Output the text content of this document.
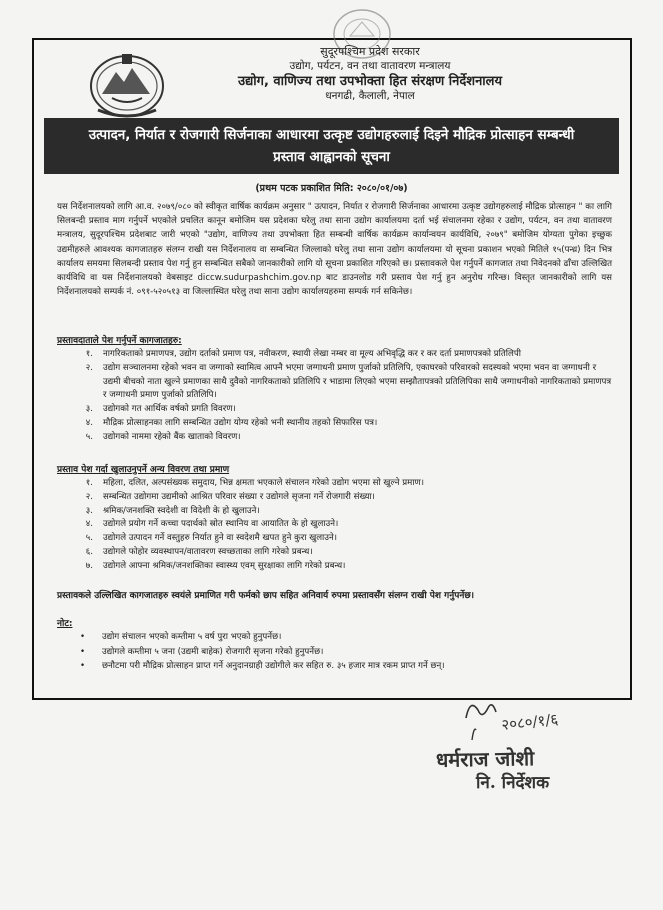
सुदूरपश्चिम प्रदेश सरकार
उद्योग, पर्यटन, वन तथा वातावरण मन्त्रालय
उद्योग, वाणिज्य तथा उपभोक्ता हित संरक्षण निर्देशनालय
धनगढी, कैलाली, नेपाल
उत्पादन, निर्यात र रोजगारी सिर्जनाका आधारमा उत्कृष्ट उद्योगहरुलाई दिइने मौद्रिक प्रोत्साहन सम्बन्धी
प्रस्ताव आह्वानको सूचना
(प्रथम पटक प्रकाशित मिति: २०८०/०१/०७)
यस निर्देशनालयको लागि आ.व. २०७९/०८० को स्वीकृत वार्षिक कार्यक्रम अनुसार " उत्पादन, निर्यात र रोजगारी सिर्जनाका आधारमा उत्कृष्ट उद्योगहरुलाई मौद्रिक प्रोत्साहन " का लागि सिलबन्दी प्रस्ताव माग गर्नुपर्ने भएकोले प्रचलित कानून बमोजिम यस प्रदेशका घरेलु तथा साना उद्योग कार्यालयमा दर्ता भई संचालनमा रहेका र उद्योग, पर्यटन, वन तथा वातावरण मन्त्रालय, सुदूरपश्चिम प्रदेशबाट जारी भएको "उद्योग, वाणिज्य तथा उपभोक्ता हित सम्बन्धी वार्षिक कार्यक्रम कार्यान्वयन कार्यविधि, २०७९" बमोजिम योग्यता पुगेका इच्छुक उद्यमीहरुले आवश्यक कागजातहरु संलग्न राखी यस निर्देशनालय वा सम्बन्धित जिल्लाको घरेलु तथा साना उद्योग कार्यालयमा यो सूचना प्रकाशन भएको मितिले १५(पन्ध्र) दिन भित्र कार्यालय समयमा सिलबन्दी प्रस्ताव पेश गर्नु हुन सम्बन्धित सबैको जानकारीको लागि यो सूचना प्रकाशित गरिएको छ। प्रस्तावकले पेश गर्नुपर्ने कागजात तथा निवेदनको ढाँचा उल्लिखित कार्यविधि वा यस निर्देशनालयको वेबसाइट diccw.sudurpashchim.gov.np बाट डाउनलोड गरी प्रस्ताव पेश गर्नु हुन अनुरोध गरिन्छ। विस्तृत जानकारीको लागि यस निर्देशनालयको सम्पर्क नं. ०९१-५२०५१३ वा जिल्लास्थित घरेलु तथा साना उद्योग कार्यालयहरुमा सम्पर्क गर्न सकिनेछ।
प्रस्तावदाताले पेश गर्नुपर्ने कागजातहरु:
१.	नागरिकताको प्रमाणपत्र, उद्योग दर्ताको प्रमाण पत्र, नवीकरण, स्थायी लेखा नम्बर वा मूल्य अभिवृद्धि कर र कर दर्ता प्रमाणपत्रको प्रतिलिपी
२.	उद्योग सञ्चालनमा रहेको भवन वा जग्गाको स्वामित्व आफ्नै भएमा जग्गाधनी प्रमाण पुर्जाको प्रतिलिपि, एकाघरको परिवारको सदस्यको भएमा भवन वा जग्गाधनी र उद्यमी बीचको नाता खुल्ने प्रमाणका साथै दुवैको नागरिकताको प्रतिलिपि र भाडामा लिएको भएमा सम्झौतापत्रको प्रतिलिपिका साथै जग्गाधनीको नागरिकताको प्रमाणपत्र र जग्गाधनी प्रमाण पुर्जाको प्रतिलिपि।
३.	उद्योगको गत आर्थिक वर्षको प्रगति विवरण।
४.	मौद्रिक प्रोत्साहनका लागि सम्बन्धित उद्योग योग्य रहेको भनी स्थानीय तहको सिफारिस पत्र।
५.	उद्योगको नाममा रहेको बैंक खाताको विवरण।
प्रस्ताव पेश गर्दा खुलाउनुपर्ने अन्य विवरण तथा प्रमाण
१.	महिला, दलित, अल्पसंख्यक समुदाय, भिन्न क्षमता भएकाले संचालन गरेको उद्योग भएमा सो खुल्ने प्रमाण।
२.	सम्बन्धित उद्योगमा उद्यमीको आश्रित परिवार संख्या र उद्योगले सृजना गर्ने रोजगारी संख्या।
३.	श्रमिक/जनशक्ति स्वदेशी वा विदेशी के हो खुलाउने।
४.	उद्योगले प्रयोग गर्ने कच्चा पदार्थको स्रोत स्थानिय वा आयातित के हो खुलाउने।
५.	उद्योगले उत्पादन गर्ने वस्तुहरु निर्यात हुने वा स्वदेशमै खपत हुने कुरा खुलाउने।
६.	उद्योगले फोहोर व्यवस्थापन/वातावरण स्वच्छताका लागि गरेको प्रबन्ध।
७.	उद्योगले आफ्ना श्रमिक/जनशक्तिका स्वास्थ्य एवम् सुरक्षाका लागि गरेको प्रबन्ध।
प्रस्तावकले उल्लिखित कागजातहरु स्वयंले प्रमाणित गरी फर्मको छाप सहित अनिवार्य रुपमा प्रस्तावसँग संलग्न राखी पेश गर्नुपर्नेछ।
नोट:
•	उद्योग संचालन भएको कम्तीमा ५ वर्ष पुरा भएको हुनुपर्नेछ।
•	उद्योगले कम्तीमा ५ जना (उद्यमी बाहेक) रोजगारी सृजना गरेको हुनुपर्नेछ।
•	छनौटमा परी मौद्रिक प्रोत्साहन प्राप्त गर्ने अनुदानग्राही उद्योगीले कर सहित रु. ३५ हजार मात्र रकम प्राप्त गर्ने छन्।
२०८०/१/६
धर्मराज जोशी
नि. निर्देशक
